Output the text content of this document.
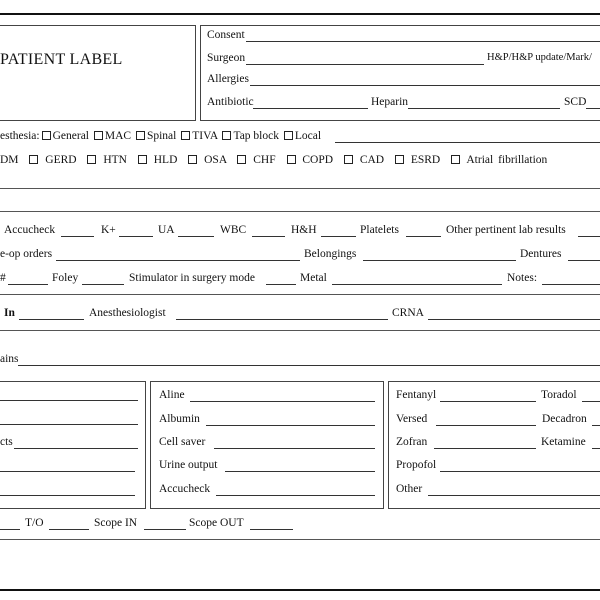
PATIENT LABEL
Consent
Surgeon	H&P/H&P update/Mark/
Allergies
Antibiotic	Heparin	SCD
esthesia: General MAC Spinal TIVA Tap block Local
DM GERD HTN HLD OSA CHF COPD CAD ESRD Atrial fibrillation
Accucheck	K+	UA	WBC	H&H	Platelets	Other pertinent lab results
e-op orders	Belongings	Dentures
#	Foley	Stimulator in surgery mode	Metal	Notes:
In	Anesthesiologist	CRNA
ains
cts
Aline
Albumin
Cell saver
Urine output
Accucheck
Fentanyl	Toradol
Versed	Decadron
Zofran	Ketamine
Propofol
Other
T/O	Scope IN	Scope OUT
